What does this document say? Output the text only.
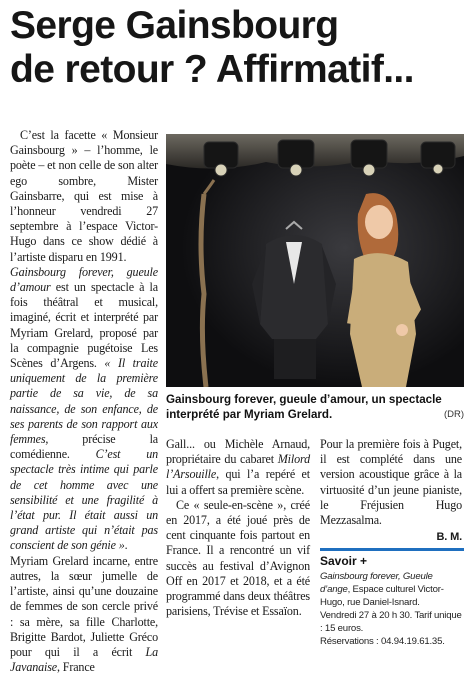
Serge Gainsbourg
de retour ? Affirmatif...

C’est la facette « Monsieur Gainsbourg » – l’homme, le poète – et non celle de son alter ego sombre, Mister Gainsbarre, qui est mise à l’honneur vendredi 27 septembre à l’espace Victor-Hugo dans ce show dédié à l’artiste disparu en 1991.

Gainsbourg forever, gueule d’amour est un spectacle à la fois théâtral et musical, imaginé, écrit et interprété par Myriam Grelard, proposé par la compagnie pugétoise Les Scènes d’Argens. « Il traite uniquement de la première partie de sa vie, de sa naissance, de son enfance, de ses parents de son rapport aux femmes, précise la comédienne. C’est un spectacle très intime qui parle de cet homme avec une sensibilité et une fragilité à l’état pur. Il était aussi un grand artiste qui n’était pas conscient de son génie ».

Myriam Grelard incarne, entre autres, la sœur jumelle de l’artiste, ainsi qu’une douzaine de femmes de son cercle privé : sa mère, sa fille Charlotte, Brigitte Bardot, Juliette Gréco pour qui il a écrit La Javanaise, France

Gainsbourg forever, gueule d’amour, un spectacle interprété par Myriam Grelard.	(DR)

Gall... ou Michèle Arnaud, propriétaire du cabaret Milord l’Arsouille, qui l’a repéré et lui a offert sa première scène.

Ce « seule-en-scène », créé en 2017, a été joué près de cent cinquante fois partout en France. Il a rencontré un vif succès au festival d’Avignon Off en 2017 et 2018, et a été programmé dans deux théâtres parisiens, Trévise et Essaïon.

Pour la première fois à Puget, il est complété dans une version acoustique grâce à la virtuosité d’un jeune pianiste, le Fréjusien Hugo Mezzasalma.

B. M.
Savoir +

Gainsbourg forever, Gueule d’ange, Espace culturel Victor-Hugo, rue Daniel-Isnard.

Vendredi 27 à 20 h 30. Tarif unique : 15 euros.

Réservations : 04.94.19.61.35.
